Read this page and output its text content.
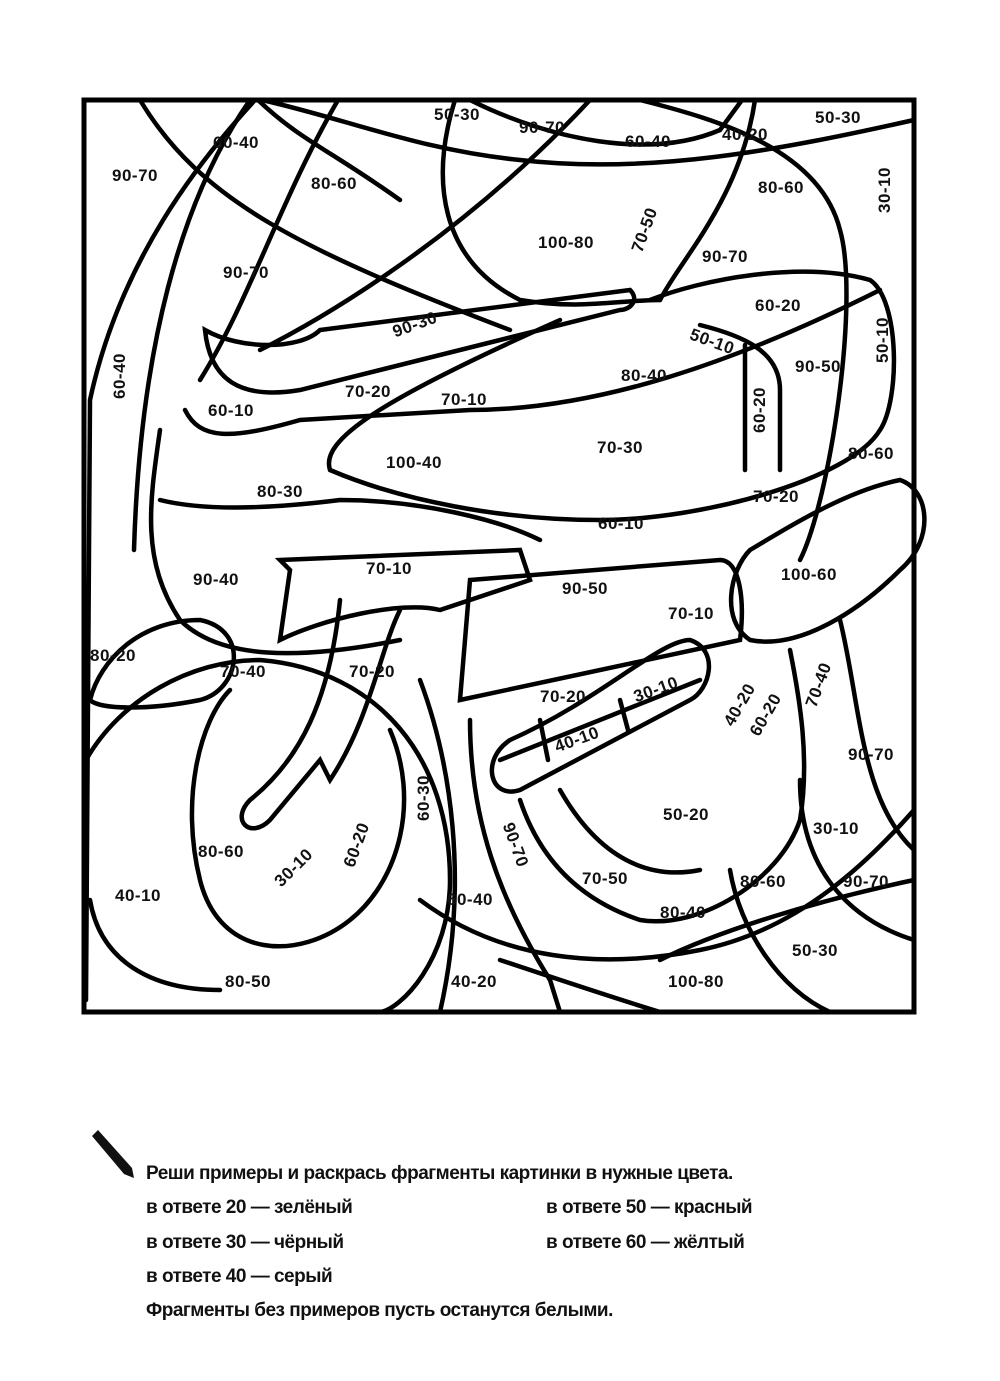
50-30
90-70
60-40	40-20
50-30
60-40
90-70	80-60	80-60	30-10
100-80 70-50
90-70
90-70
60-20
50-10
90-30
50-10
60-40	80-40	90-50
70-20	70-10
60-10	60-20
100-40
70-30	80-60
80-30	70-20
60-10
90-40
70-10
90-50
100-60
70-10
80-20
70-40	70-20
70-20	30-10
40-10
40-20
60-20
70-40
90-70
60-30	50-20
90-70
80-60 30-10 60-20	30-10
70-50	80-60	90-70
40-10	60-40
80-40
50-30
80-50	40-20	100-80
Реши примеры и раскрась фрагменты картинки в нужные цвета.
в ответе 20 — зелёный
в ответе 30 — чёрный
в ответе 40 — серый
в ответе 50 — красный
в ответе 60 — жёлтый
Фрагменты без примеров пусть останутся белыми.
